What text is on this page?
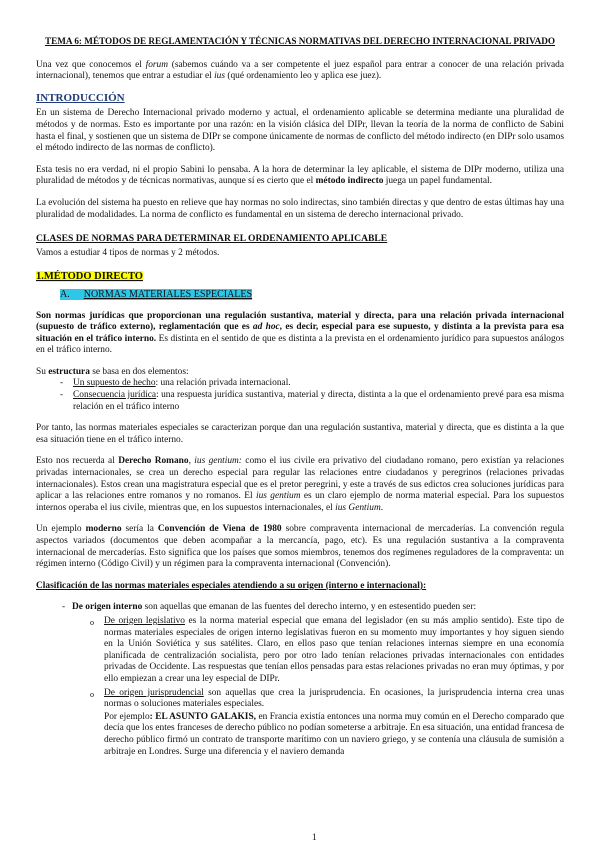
TEMA 6: MÉTODOS DE REGLAMENTACIÓN Y TÉCNICAS NORMATIVAS DEL DERECHO INTERNACIONAL PRIVADO

Una vez que conocemos el forum (sabemos cuándo va a ser competente el juez español para entrar a conocer de una relación privada internacional), tenemos que entrar a estudiar el ius (qué ordenamiento leo y aplica ese juez).

INTRODUCCIÓN

En un sistema de Derecho Internacional privado moderno y actual, el ordenamiento aplicable se determina mediante una pluralidad de métodos y de normas. Esto es importante por una razón: en la visión clásica del DIPr, llevan la teoría de la norma de conflicto de Sabini hasta el final, y sostienen que un sistema de DIPr se compone únicamente de normas de conflicto del método indirecto (en DIPr solo usamos el método indirecto de las normas de conflicto).

Esta tesis no era verdad, ni el propio Sabini lo pensaba. A la hora de determinar la ley aplicable, el sistema de DIPr moderno, utiliza una pluralidad de métodos y de técnicas normativas, aunque sí es cierto que el método indirecto juega un papel fundamental.

La evolución del sistema ha puesto en relieve que hay normas no solo indirectas, sino también directas y que dentro de estas últimas hay una pluralidad de modalidades. La norma de conflicto es fundamental en un sistema de derecho internacional privado.

CLASES DE NORMAS PARA DETERMINAR EL ORDENAMIENTO APLICABLE

Vamos a estudiar 4 tipos de normas y 2 métodos.

1.MÉTODO DIRECTO
A. NORMAS MATERIALES ESPECIALES

Son normas jurídicas que proporcionan una regulación sustantiva, material y directa, para una relación privada internacional (supuesto de tráfico externo), reglamentación que es ad hoc, es decir, especial para ese supuesto, y distinta a la prevista para esa situación en el tráfico interno. Es distinta en el sentido de que es distinta a la prevista en el ordenamiento jurídico para supuestos análogos en el tráfico interno.

Su estructura se basa en dos elementos:

- Un supuesto de hecho: una relación privada internacional.
- Consecuencia jurídica: una respuesta jurídica sustantiva, material y directa, distinta a la que el ordenamiento prevé para esa misma relación en el tráfico interno

Por tanto, las normas materiales especiales se caracterizan porque dan una regulación sustantiva, material y directa, que es distinta a la que esa situación tiene en el tráfico interno.

Esto nos recuerda al Derecho Romano, ius gentium: como el ius civile era privativo del ciudadano romano, pero existían ya relaciones privadas internacionales, se crea un derecho especial para regular las relaciones entre ciudadanos y peregrinos (relaciones privadas internacionales). Estos crean una magistratura especial que es el pretor peregrini, y este a través de sus edictos crea soluciones jurídicas para aplicar a las relaciones entre romanos y no romanos. El ius gentium es un claro ejemplo de norma material especial. Para los supuestos internos operaba el ius civile, mientras que, en los supuestos internacionales, el ius Gentium.

Un ejemplo moderno sería la Convención de Viena de 1980 sobre compraventa internacional de mercaderías. La convención regula aspectos variados (documentos que deben acompañar a la mercancía, pago, etc). Es una regulación sustantiva a la compraventa internacional de mercaderías. Esto significa que los países que somos miembros, tenemos dos regímenes reguladores de la compraventa: un régimen interno (Código Civil) y un régimen para la compraventa internacional (Convención).

Clasificación de las normas materiales especiales atendiendo a su origen (interno e internacional):

- De origen interno son aquellas que emanan de las fuentes del derecho interno, y en estesentido pueden ser:

o De origen legislativo es la norma material especial que emana del legislador (en su más amplio sentido). Este tipo de normas materiales especiales de origen interno legislativas fueron en su momento muy importantes y hoy siguen siendo en la Unión Soviética y sus satélites. Claro, en ellos paso que tenían relaciones internas siempre en una economía planificada de centralización socialista, pero por otro lado tenían relaciones privadas internacionales con entidades privadas de Occidente. Las respuestas que tenían ellos pensadas para estas relaciones privadas no eran muy óptimas, y por ello empiezan a crear una ley especial de DIPr.

o De origen jurisprudencial son aquellas que crea la jurisprudencia. En ocasiones, la jurisprudencia interna crea unas normas o soluciones materiales especiales.

Por ejemplo: EL ASUNTO GALAKIS, en Francia existía entonces una norma muy común en el Derecho comparado que decía que los entes franceses de derecho público no podían someterse a arbitraje. En esa situación, una entidad francesa de derecho público firmó un contrato de transporte marítimo con un naviero griego, y se contenía una cláusula de sumisión a arbitraje en Londres. Surge una diferencia y el naviero demanda

1
